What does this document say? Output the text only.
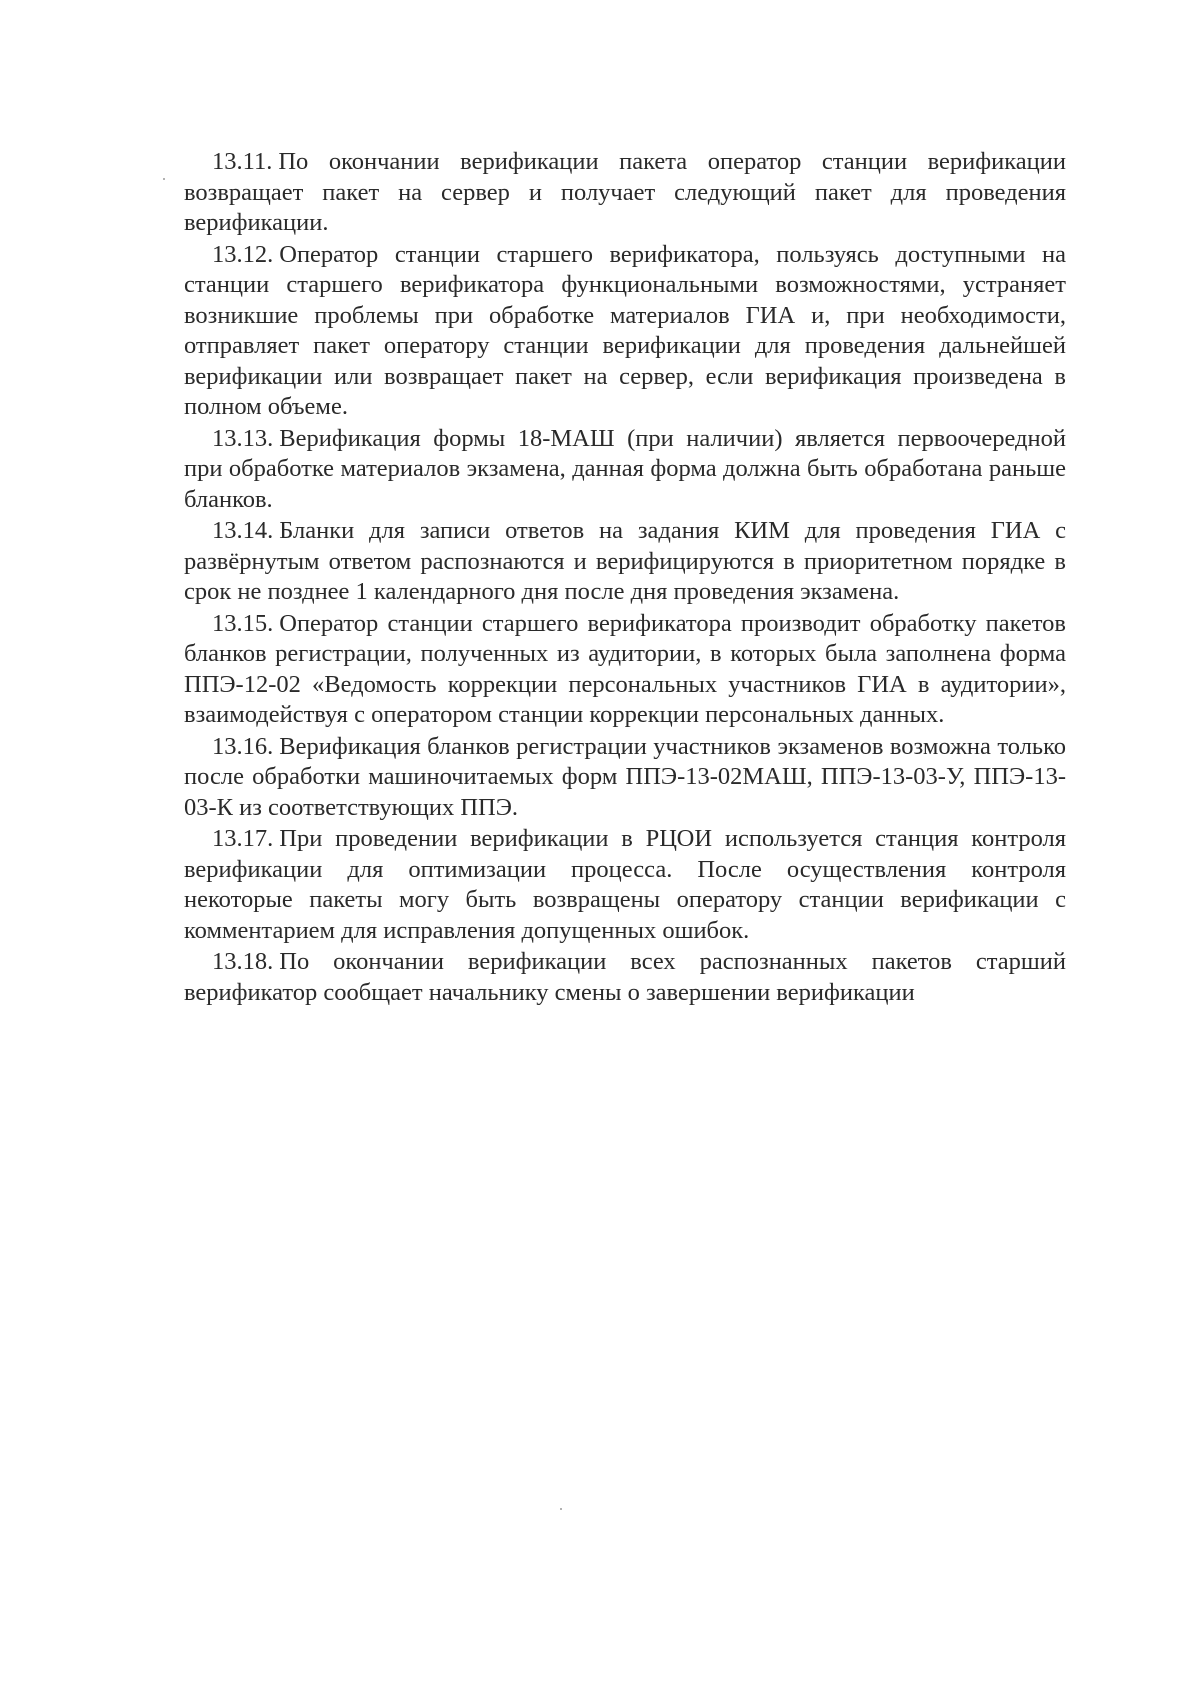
13.11. По окончании верификации пакета оператор станции верификации возвращает пакет на сервер и получает следующий пакет для проведения верификации.

13.12. Оператор станции старшего верификатора, пользуясь доступными на станции старшего верификатора функциональными возможностями, устраняет возникшие проблемы при обработке материалов ГИА и, при необходимости, отправляет пакет оператору станции верификации для проведения дальнейшей верификации или возвращает пакет на сервер, если верификация произведена в полном объеме.

13.13. Верификация формы 18-МАШ (при наличии) является первоочередной при обработке материалов экзамена, данная форма должна быть обработана раньше бланков.

13.14. Бланки для записи ответов на задания КИМ для проведения ГИА с развёрнутым ответом распознаются и верифицируются в приоритетном порядке в срок не позднее 1 календарного дня после дня проведения экзамена.

13.15. Оператор станции старшего верификатора производит обработку пакетов бланков регистрации, полученных из аудитории, в которых была заполнена форма ППЭ-12-02 «Ведомость коррекции персональных участников ГИА в аудитории», взаимодействуя с оператором станции коррекции персональных данных.

13.16. Верификация бланков регистрации участников экзаменов возможна только после обработки машиночитаемых форм ППЭ-13-02МАШ, ППЭ-13-03-У, ППЭ-13-03-К из соответствующих ППЭ.

13.17. При проведении верификации в РЦОИ используется станция контроля верификации для оптимизации процесса. После осуществления контроля некоторые пакеты могу быть возвращены оператору станции верификации с комментарием для исправления допущенных ошибок.

13.18. По окончании верификации всех распознанных пакетов старший верификатор сообщает начальнику смены о завершении верификации
